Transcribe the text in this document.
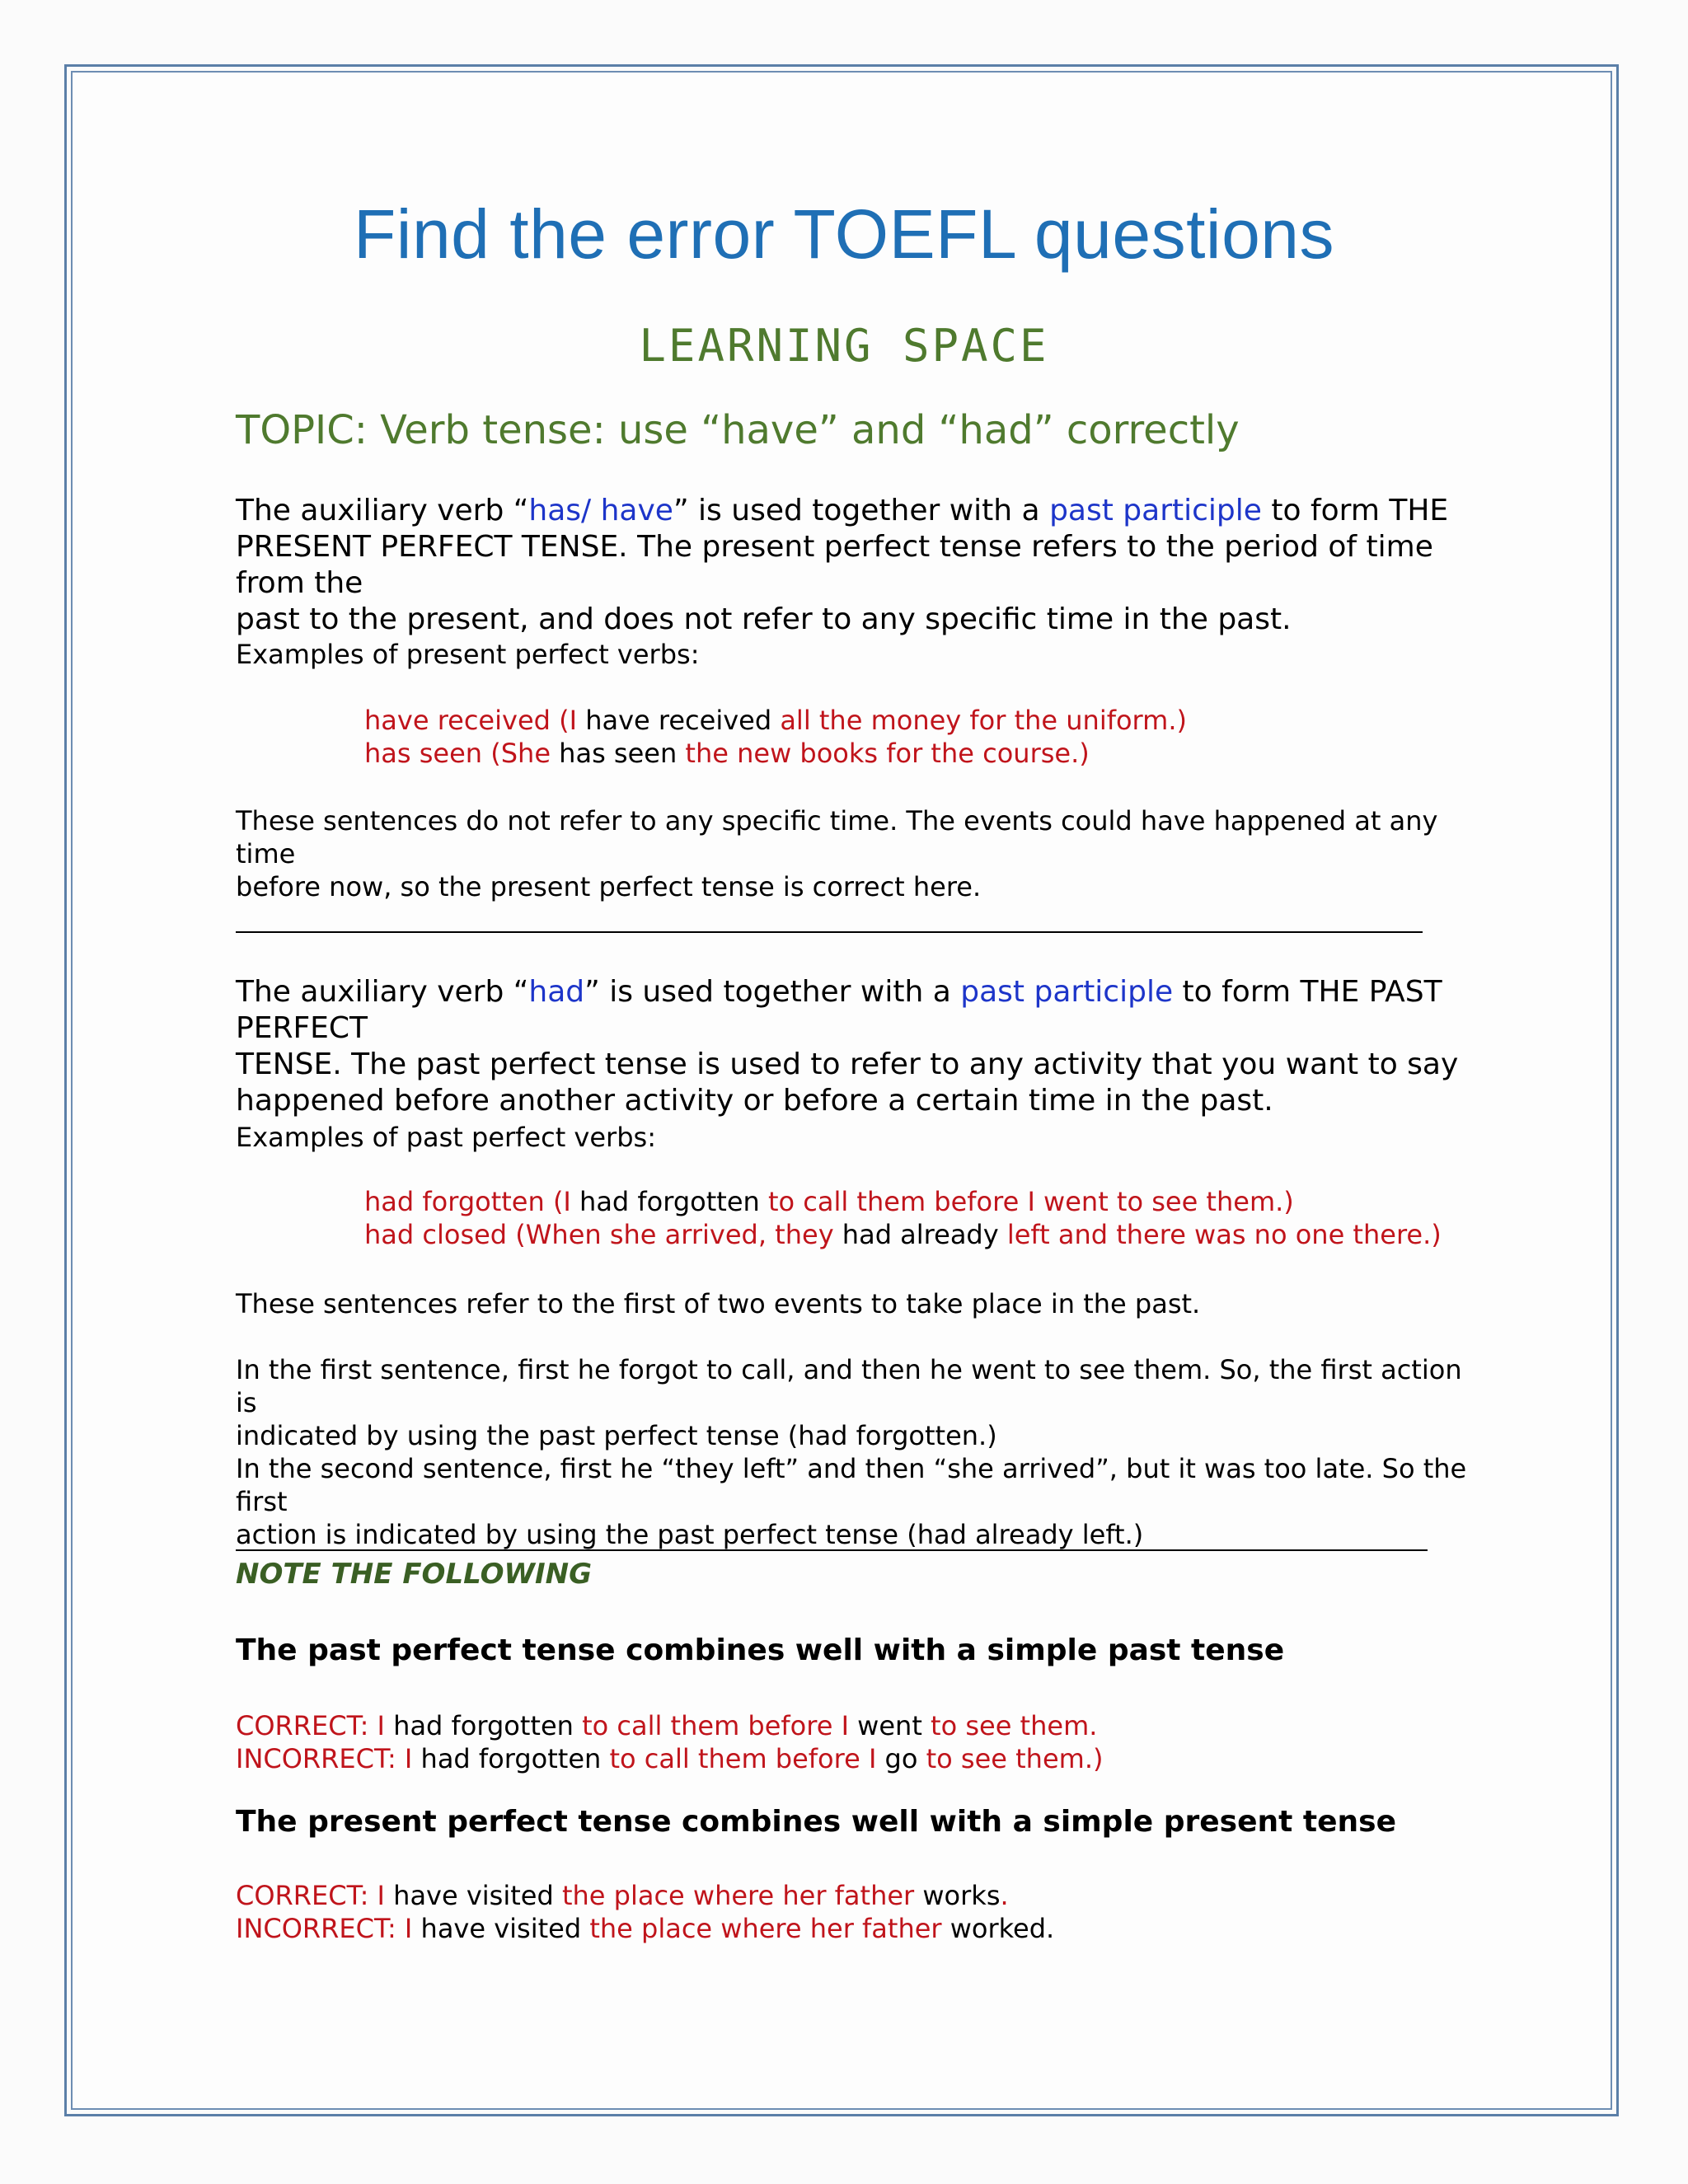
Find the error TOEFL questions
LEARNING SPACE
TOPIC: Verb tense: use “have” and “had” correctly
The auxiliary verb “has/ have” is used together with a past participle to form THE
PRESENT PERFECT TENSE. The present perfect tense refers to the period of time from the
past to the present, and does not refer to any specific time in the past.
Examples of present perfect verbs:
have received (I have received all the money for the uniform.)
has seen (She has seen the new books for the course.)
These sentences do not refer to any specific time. The events could have happened at any time
before now, so the present perfect tense is correct here.
The auxiliary verb “had” is used together with a past participle to form THE PAST PERFECT
TENSE. The past perfect tense is used to refer to any activity that you want to say
happened before another activity or before a certain time in the past.
Examples of past perfect verbs:
had forgotten (I had forgotten to call them before I went to see them.)
had closed (When she arrived, they had already left and there was no one there.)
These sentences refer to the first of two events to take place in the past.
In the first sentence, first he forgot to call, and then he went to see them. So, the first action is
indicated by using the past perfect tense (had forgotten.)
In the second sentence, first he “they left” and then “she arrived”, but it was too late. So the first
action is indicated by using the past perfect tense (had already left.)
NOTE THE FOLLOWING
The past perfect tense combines well with a simple past tense
CORRECT: I had forgotten to call them before I went to see them.
INCORRECT: I had forgotten to call them before I go to see them.)
The present perfect tense combines well with a simple present tense
CORRECT: I have visited the place where her father works.
INCORRECT: I have visited the place where her father worked.
